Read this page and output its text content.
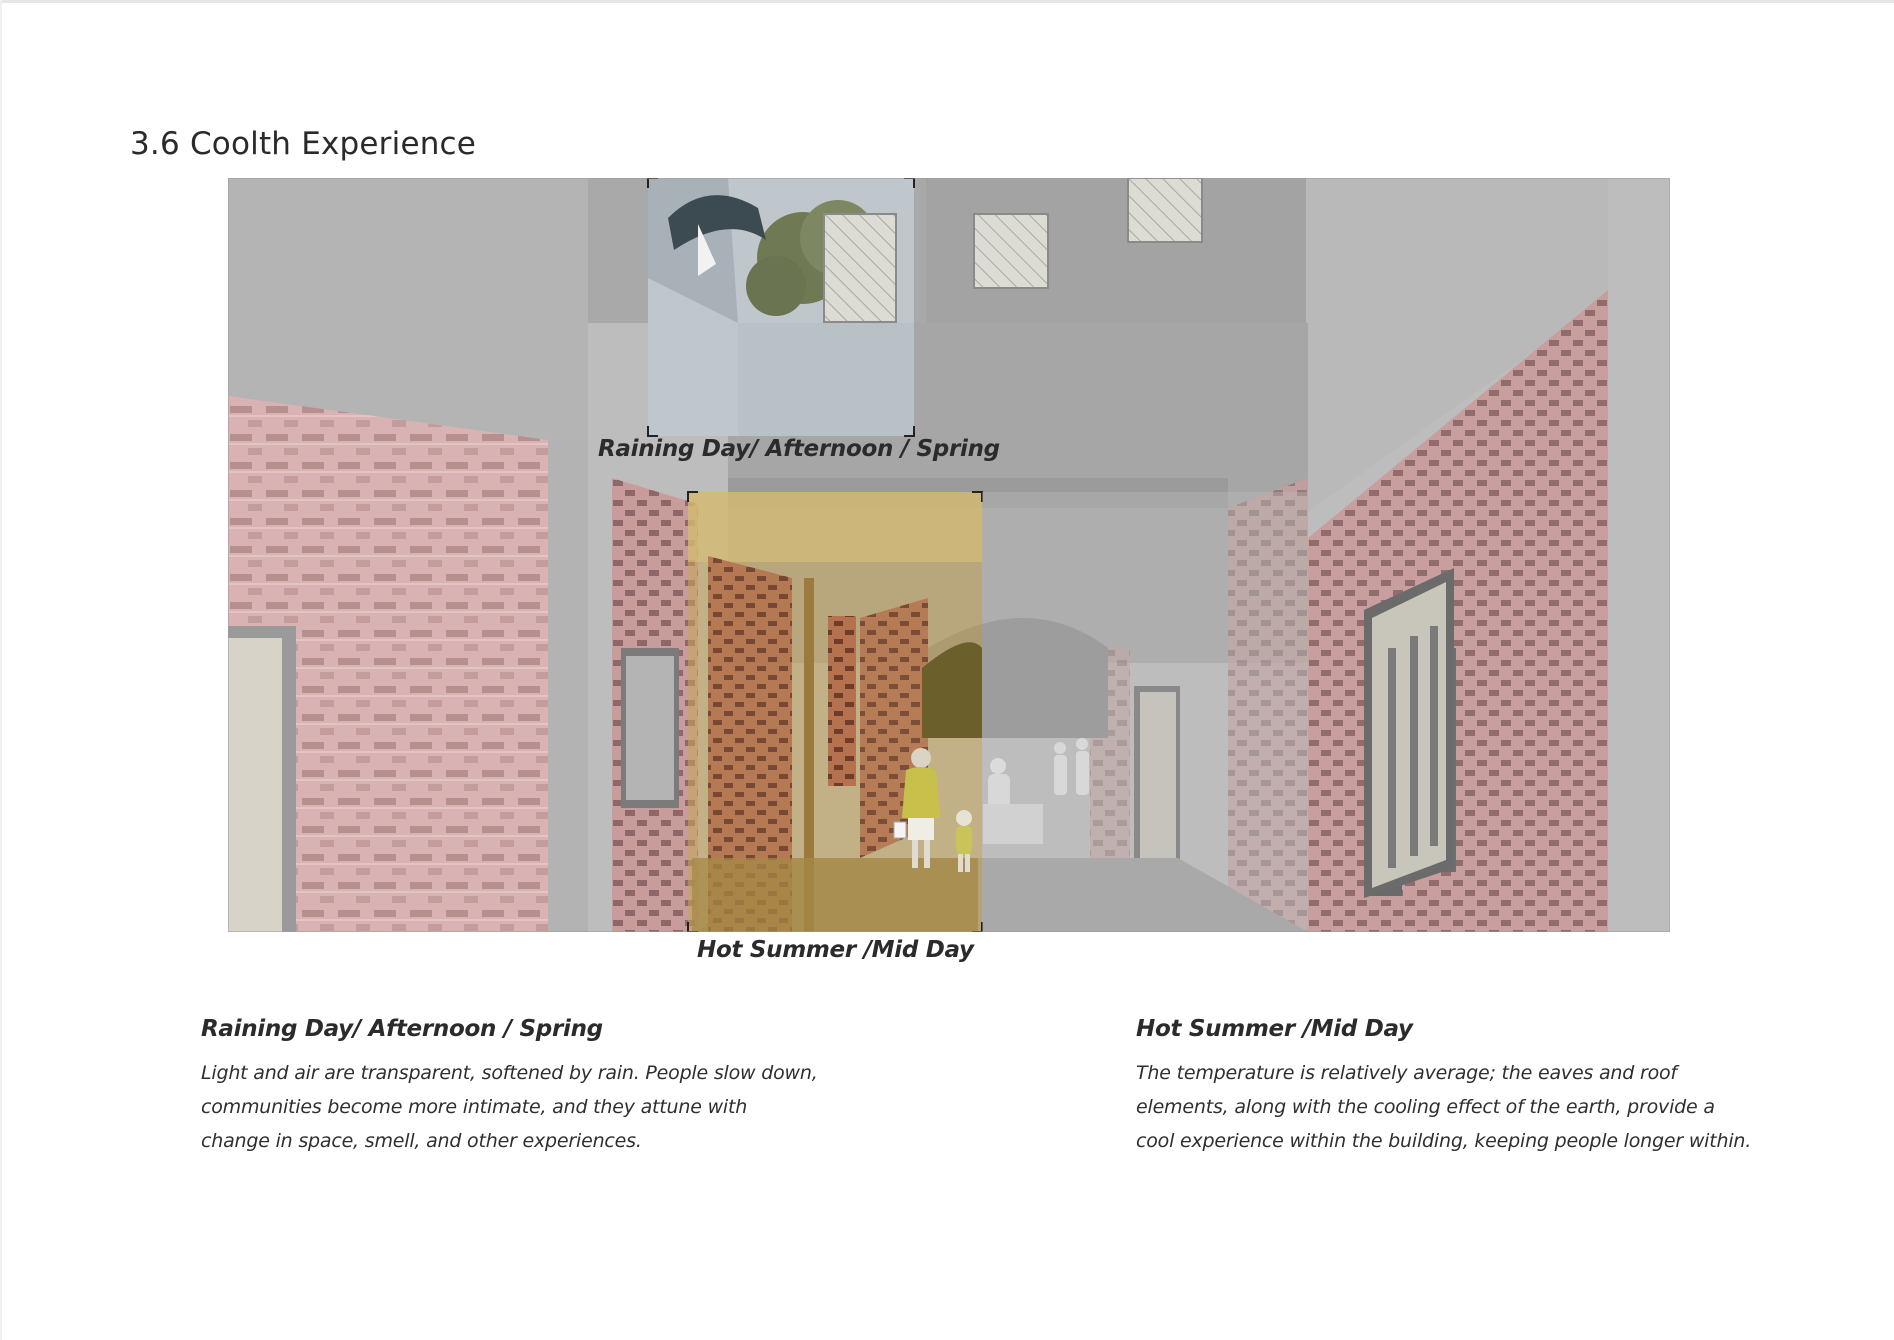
3.6 Coolth Experience
Raining Day/ Afternoon / Spring
Hot Summer /Mid Day
Raining Day/ Afternoon / Spring
Light and air are transparent, softened by rain. People slow down, communities become more intimate, and they attune with change in space, smell, and other experiences.
Hot Summer /Mid Day
The temperature is relatively average; the eaves and roof elements, along with the cooling effect of the earth, provide a cool experience within the building, keeping people longer within.
